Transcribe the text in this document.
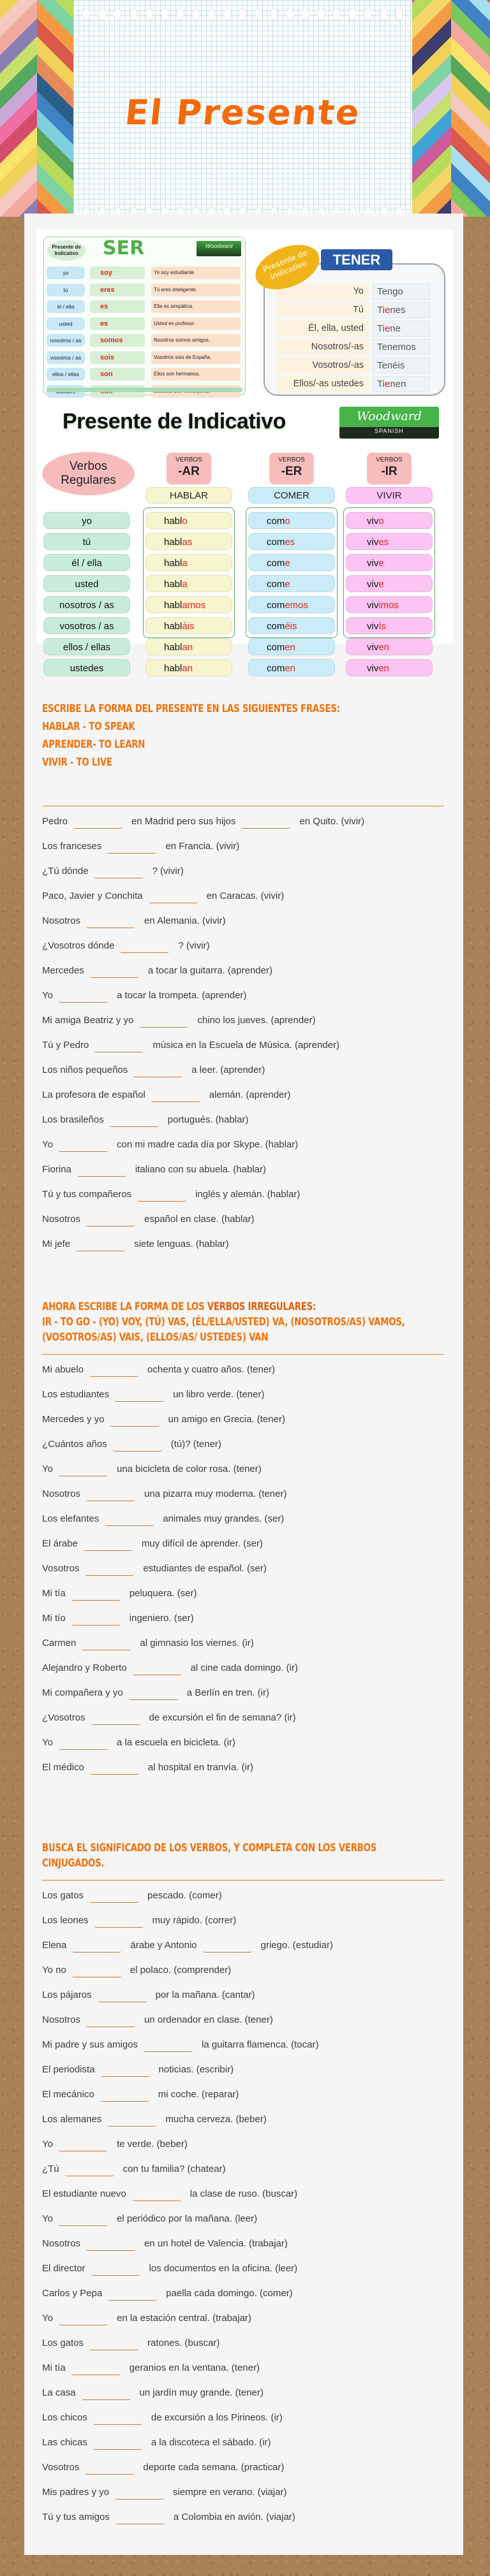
El Presente
Presente de Indicativo	SER	Woodward
yo	soy	Yo soy estudiante.
tú	eres	Tú eres inteligente.
él / ella	es	Ella es simpática.
usted	es	Usted es profesor.
nosotros / as	somos	Nosotros somos amigos.
vosotros / as	sois	Vosotros sois de España.
ellos / ellas	son	Ellos son hermanos.
Yo	Tengo
Tú	Tienes
Él, ella, usted	Tiene
Nosotros/-as	Tenemos
Vosotros/-as	Tenéis
Ellos/-as ustedes	Tienen
Presente de Indicativo	TENER
Presente de Indicativo	Woodward
SPANISH
Verbos Regulares
yo	hablo	como	vivo
tú	hablas	comes	vives
él / ella	habla	come	vive
usted	habla	come	vive
nosotros / as	hablamos	comemos	vivimos
vosotros / as	habláis	coméis	vivís
ellos / ellas	hablan	comen	viven
ustedes	hablan	comen	viven
VERBOS
-AR
HABLAR
VERBOS
-ER
COMER
VERBOS
-IR
VIVIR
ESCRIBE LA FORMA DEL PRESENTE EN LAS SIGUIENTES FRASES:
HABLAR - TO SPEAK
APRENDER- TO LEARN
VIVIR - TO LIVE
Pedro	en Madrid pero sus hijos	en Quito. (vivir)
Los franceses	en Francia. (vivir)
¿Tú dónde	? (vivir)
Paco, Javier y Conchita	en Caracas. (vivir)
Nosotros	en Alemania. (vivir)
¿Vosotros dónde	? (vivir)
Mercedes	a tocar la guitarra. (aprender)
Yo	a tocar la trompeta. (aprender)
Mi amiga Beatriz y yo	chino los jueves. (aprender)
Tú y Pedro	música en la Escuela de Música. (aprender)
Los niños pequeños	a leer. (aprender)
La profesora de español	alemán. (aprender)
Los brasileños	portugués. (hablar)
Yo	con mi madre cada día por Skype. (hablar)
Fiorina	italiano con su abuela. (hablar)
Tú y tus compañeros	inglés y alemán. (hablar)
Nosotros	español en clase. (hablar)
Mi jefe	siete lenguas. (hablar)
AHORA ESCRIBE LA FORMA DE LOS VERBOS IRREGULARES:
IR - TO GO - (YO) VOY, (TÚ) VAS, (ÉL/ELLA/USTED) VA, (NOSOTROS/AS) VAMOS, (VOSOTROS/AS) VAIS, (ELLOS/AS/ USTEDES) VAN
Mi abuelo	ochenta y cuatro años. (tener)
Los estudiantes	un libro verde. (tener)
Mercedes y yo	un amigo en Grecia. (tener)
¿Cuántos años	(tú)? (tener)
Yo	una bicicleta de color rosa. (tener)
Nosotros	una pizarra muy moderna. (tener)
Los elefantes	animales muy grandes. (ser)
El árabe	muy difícil de aprender. (ser)
Vosotros	estudiantes de español. (ser)
Mi tía	peluquera. (ser)
Mi tío	ingeniero. (ser)
Carmen	al gimnasio los viernes. (ir)
Alejandro y Roberto	al cine cada domingo. (ir)
Mi compañera y yo	a Berlín en tren. (ir)
¿Vosotros	de excursión el fin de semana? (ir)
Yo	a la escuela en bicicleta. (ir)
El médico	al hospital en tranvía. (ir)
BUSCA EL SIGNIFICADO DE LOS VERBOS, Y COMPLETA CON LOS VERBOS CINJUGADOS.
Los gatos	pescado. (comer)
Los leones	muy rápido. (correr)
Elena	árabe y Antonio	griego. (estudiar)
Yo no	el polaco. (comprender)
Los pájaros	por la mañana. (cantar)
Nosotros	un ordenador en clase. (tener)
Mi padre y sus amigos	la guitarra flamenca. (tocar)
El periodista	noticias. (escribir)
El mecánico	mi coche. (reparar)
Los alemanes	mucha cerveza. (beber)
Yo	te verde. (beber)
¿Tú	con tu familia? (chatear)
El estudiante nuevo	la clase de ruso. (buscar)
Yo	el periódico por la mañana. (leer)
Nosotros	en un hotel de Valencia. (trabajar)
El director	los documentos en la oficina. (leer)
Carlos y Pepa	paella cada domingo. (comer)
Yo	en la estación central. (trabajar)
Los gatos	ratones. (buscar)
Mi tía	geranios en la ventana. (tener)
La casa	un jardín muy grande. (tener)
Los chicos	de excursión a los Pirineos. (ir)
Las chicas	a la discoteca el sábado. (ir)
Vosotros	deporte cada semana. (practicar)
Mis padres y yo	siempre en verano. (viajar)
Tú y tus amigos	a Colombia en avión. (viajar)
